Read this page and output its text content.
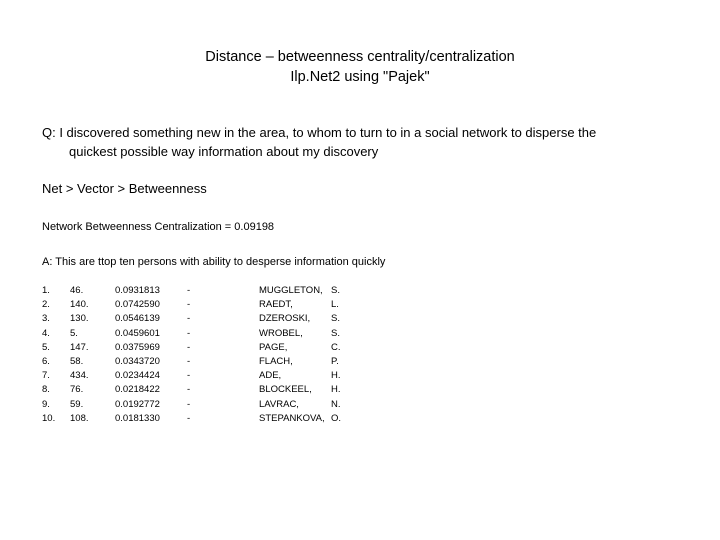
Distance – betweenness centrality/centralization
Ilp.Net2 using "Pajek"
Q: I discovered something new in the area, to whom to turn to in a social network to disperse the
quickest possible way information about my discovery
Net > Vector > Betweenness
Network Betweenness Centralization = 0.09198
A: This are ttop ten persons with ability to desperse information quickly
1.	46.	0.0931813	-	MUGGLETON,	S.
2.	140.	0.0742590	-	RAEDT,	L.
3.	130.	0.0546139	-	DZEROSKI,	S.
4.	5.	0.0459601	-	WROBEL,	S.
5.	147.	0.0375969	-	PAGE,	C.
6.	58.	0.0343720	-	FLACH,	P.
7.	434.	0.0234424	-	ADE,	H.
8.	76.	0.0218422	-	BLOCKEEL,	H.
9.	59.	0.0192772	-	LAVRAC,	N.
10.	108.	0.0181330	-	STEPANKOVA,	O.
